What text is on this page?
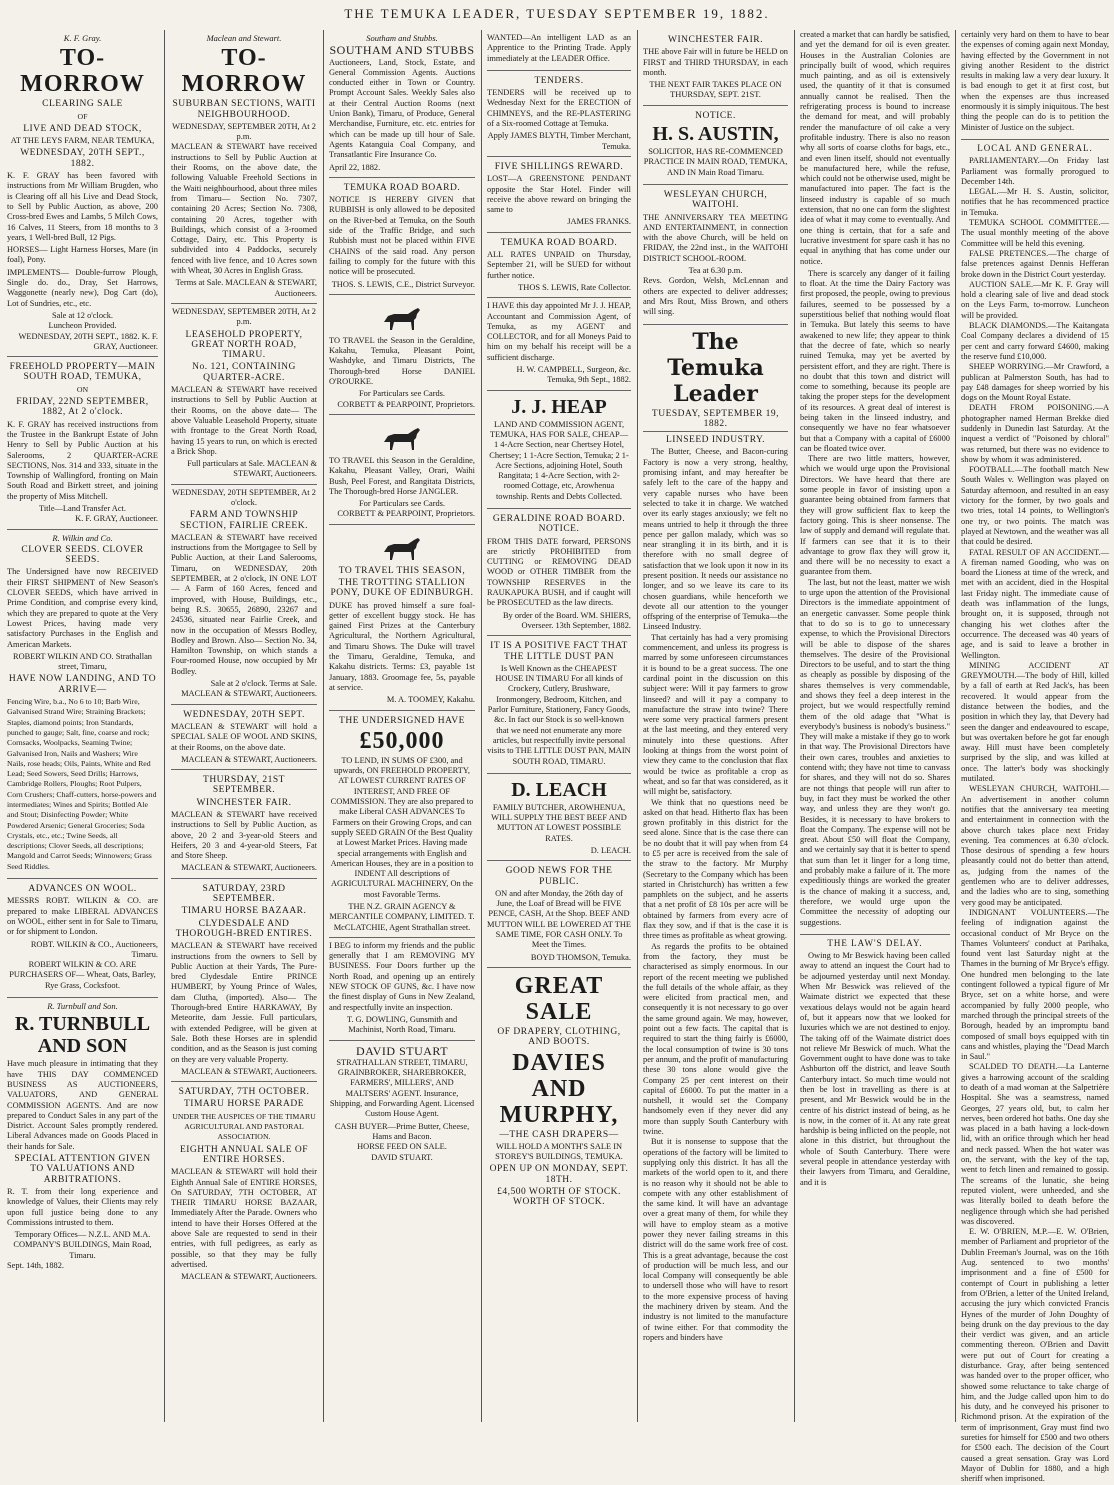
THE TEMUKA LEADER, TUESDAY SEPTEMBER 19, 1882.
K. F. Gray.
TO-MORROW
CLEARING SALE
OF
LIVE AND DEAD STOCK,
AT THE LEYS FARM, NEAR TEMUKA,
WEDNESDAY, 20TH SEPT., 1882.

K. F. GRAY has been favored with instructions from Mr William Brugden, who is Clearing off all his Live and Dead Stock, to Sell by Public Auction, as above, 200 Cross-bred Ewes and Lambs, 5 Milch Cows, 16 Calves, 11 Steers, from 18 months to 3 years, 1 Well-bred Bull, 12 Pigs.

HORSES— Light Harness Horses, Mare (in foal), Pony.

IMPLEMENTS— Double-furrow Plough, Single do. do., Dray, Set Harrows, Waggonette (nearly new), Dog Cart (do), Lot of Sundries, etc., etc.

Sale at 12 o'clock.
Luncheon Provided.
WEDNESDAY, 20TH SEPT., 1882. K. F. GRAY, Auctioneer.
FREEHOLD PROPERTY—MAIN SOUTH ROAD, TEMUKA,
ON
FRIDAY, 22ND SEPTEMBER, 1882, At 2 o'clock.

K. F. GRAY has received instructions from the Trustee in the Bankrupt Estate of John Henry to Sell by Public Auction at his Salerooms, 2 QUARTER-ACRE SECTIONS, Nos. 314 and 333, situate in the Township of Wallingford, fronting on Main South Road and Birkett street, and joining the property of Miss Mitchell.

Title—Land Transfer Act.
K. F. GRAY, Auctioneer.
R. Wilkin and Co.
CLOVER SEEDS. CLOVER SEEDS.

The Undersigned have now RECEIVED their FIRST SHIPMENT of New Season's CLOVER SEEDS, which have arrived in Prime Condition, and comprise every kind, which they are prepared to quote at the Very Lowest Prices, having made very satisfactory Purchases in the English and American Markets.

ROBERT WILKIN AND CO. Strathallan street, Timaru,
HAVE NOW LANDING, AND TO ARRIVE—

Fencing Wire, b.a., No 6 to 10; Barb Wire, Galvanised Strand Wire; Straining Brackets; Staples, diamond points; Iron Standards, punched to gauge; Salt, fine, coarse and rock; Cornsacks, Woolpacks, Seaming Twine; Galvanised Iron, Nails and Washers; Wire Nails, rose heads; Oils, Paints, White and Red Lead; Seed Sowers, Seed Drills; Harrows, Cambridge Rollers, Ploughs; Root Pulpers, Corn Crushers; Chaff-cutters, horse-powers and intermediates; Wines and Spirits; Bottled Ale and Stout; Disinfecting Powder; White Powdered Arsenic; General Groceries; Soda Crystals, etc., etc.; Twine Seeds, all descriptions; Clover Seeds, all descriptions; Mangold and Carrot Seeds; Winnowers; Grass Seed Riddles.

ADVANCES ON WOOL.

MESSRS ROBT. WILKIN & CO. are prepared to make LIBERAL ADVANCES on WOOL, either sent in for Sale to Timaru, or for shipment to London.

ROBT. WILKIN & CO., Auctioneers, Timaru.

ROBERT WILKIN & CO. ARE PURCHASERS OF— Wheat, Oats, Barley, Rye Grass, Cocksfoot.

R. Turnbull and Son.
R. TURNBULL AND SON

Have much pleasure in intimating that they have THIS DAY COMMENCED BUSINESS AS AUCTIONEERS, VALUATORS, AND GENERAL COMMISSION AGENTS. And are now prepared to Conduct Sales in any part of the District. Account Sales promptly rendered. Liberal Advances made on Goods Placed in their hands for Sale.

SPECIAL ATTENTION GIVEN TO VALUATIONS AND ARBITRATIONS.

R. T. from their long experience and knowledge of Values, their Clients may rely upon full justice being done to any Commissions intrusted to them.

Temporary Offices— N.Z.L. AND M.A. COMPANY'S BUILDINGS, Main Road, Timaru.
Sept. 14th, 1882.
Maclean and Stewart.
TO-MORROW
SUBURBAN SECTIONS, WAITI NEIGHBOURHOOD.
WEDNESDAY, SEPTEMBER 20TH, At 2 p.m.

MACLEAN & STEWART have received instructions to Sell by Public Auction at their Rooms, on the above date, the following Valuable Freehold Sections in the Waiti neighbourhood, about three miles from Timaru— Section No. 7307, containing 20 Acres; Section No. 7308, containing 20 Acres, together with Buildings, which consist of a 3-roomed Cottage, Dairy, etc. This Property is subdivided into 4 Paddocks, securely fenced with live fence, and 10 Acres sown with Wheat, 30 Acres in English Grass.

Terms at Sale. MACLEAN & STEWART, Auctioneers.
WEDNESDAY, SEPTEMBER 20TH, At 2 p.m.
LEASEHOLD PROPERTY, GREAT NORTH ROAD, TIMARU.
No. 121, CONTAINING QUARTER-ACRE.

MACLEAN & STEWART have received instructions to Sell by Public Auction at their Rooms, on the above date— The above Valuable Leasehold Property, situate with frontage to the Great North Road, having 15 years to run, on which is erected a Brick Shop.

Full particulars at Sale. MACLEAN & STEWART, Auctioneers.
WEDNESDAY, 20TH SEPTEMBER, At 2 o'clock.
FARM AND TOWNSHIP SECTION, FAIRLIE CREEK.

MACLEAN & STEWART have received instructions from the Mortgagee to Sell by Public Auction, at their Land Salerooms, Timaru, on WEDNESDAY, 20th SEPTEMBER, at 2 o'clock, IN ONE LOT— A Farm of 160 Acres, fenced and improved, with House, Buildings, etc., being R.S. 30655, 26890, 23267 and 24536, situated near Fairlie Creek, and now in the occupation of Messrs Bodley, Bodley and Brown. Also— Section No. 34, Hamilton Township, on which stands a Four-roomed House, now occupied by Mr Bodley.

Sale at 2 o'clock. Terms at Sale. MACLEAN & STEWART, Auctioneers.
WEDNESDAY, 20TH SEPT.

MACLEAN & STEWART will hold a SPECIAL SALE OF WOOL AND SKINS, at their Rooms, on the above date.

MACLEAN & STEWART, Auctioneers.
THURSDAY, 21ST SEPTEMBER.
WINCHESTER FAIR.

MACLEAN & STEWART have received instructions to Sell by Public Auction, as above, 20 2 and 3-year-old Steers and Heifers, 20 3 and 4-year-old Steers, Fat and Store Sheep.

MACLEAN & STEWART, Auctioneers.
SATURDAY, 23RD SEPTEMBER.
TIMARU HORSE BAZAAR.
CLYDESDALE AND THOROUGH-BRED ENTIRES.

MACLEAN & STEWART have received instructions from the owners to Sell by Public Auction at their Yards, The Pure-bred Clydesdale Entire PRINCE HUMBERT, by Young Prince of Wales, dam Clutha, (imported). Also— The Thorough-bred Entire HARKAWAY, By Meteorite, dam Jessie. Full particulars, with extended Pedigree, will be given at Sale. Both these Horses are in splendid condition, and as the Season is just coming on they are very valuable Property.

MACLEAN & STEWART, Auctioneers.
SATURDAY, 7TH OCTOBER.
TIMARU HORSE PARADE
UNDER THE AUSPICES OF THE TIMARU AGRICULTURAL AND PASTORAL ASSOCIATION.
EIGHTH ANNUAL SALE OF ENTIRE HORSES.

MACLEAN & STEWART will hold their Eighth Annual Sale of ENTIRE HORSES, On SATURDAY, 7TH OCTOBER, AT THEIR TIMARU HORSE BAZAAR, Immediately After the Parade. Owners who intend to have their Horses Offered at the above Sale are requested to send in their entries, with full pedigrees, as early as possible, so that they may be fully advertised.

MACLEAN & STEWART, Auctioneers.
Southam and Stubbs.
SOUTHAM AND STUBBS

Auctioneers, Land, Stock, Estate, and General Commission Agents. Auctions conducted either in Town or Country. Prompt Account Sales. Weekly Sales also at their Central Auction Rooms (next Union Bank), Timaru, of Produce, General Merchandise, Furniture, etc. etc. entries for which can be made up till hour of Sale. Agents Katanguia Coal Company, and Transatlantic Fire Insurance Co.

April 22, 1882.
TEMUKA ROAD BOARD.

NOTICE IS HEREBY GIVEN that RUBBISH is only allowed to be deposited on the River-bed at Temuka, on the South side of the Traffic Bridge, and such Rubbish must not be placed within FIVE CHAINS of the said road. Any person failing to comply for the future with this notice will be prosecuted.

THOS. S. LEWIS, C.E., District Surveyor.

TO TRAVEL the Season in the Geraldine, Kakahu, Temuka, Pleasant Point, Washdyke, and Timaru Districts, The Thorough-bred Horse DANIEL O'ROURKE.

For Particulars see Cards.
CORBETT & PEARPOINT, Proprietors.

TO TRAVEL this Season in the Geraldine, Kakahu, Pleasant Valley, Orari, Waihi Bush, Peel Forest, and Rangitata Districts, The Thorough-bred Horse JANGLER.

For Particulars see Cards.
CORBETT & PEARPOINT, Proprietors.
TO TRAVEL THIS SEASON,
THE TROTTING STALLION PONY, DUKE OF EDINBURGH.

DUKE has proved himself a sure foal-getter of excellent buggy stock. He has gained First Prizes at the Canterbury Agricultural, the Northern Agricultural, and Timaru Shows. The Duke will travel the Timaru, Geraldine, Temuka, and Kakahu districts. Terms: £3, payable 1st January, 1883. Groomage fee, 5s, payable at service.

M. A. TOOMEY, Kakahu.
THE UNDERSIGNED HAVE
£50,000

TO LEND, IN SUMS OF £300, and upwards, ON FREEHOLD PROPERTY, AT LOWEST CURRENT RATES OF INTEREST, AND FREE OF COMMISSION. They are also prepared to make Liberal CASH ADVANCES To Farmers on their Growing Crops, and can supply SEED GRAIN Of the Best Quality at Lowest Market Prices. Having made special arrangements with English and American Houses, they are in a position to INDENT All descriptions of AGRICULTURAL MACHINERY, On the most Favorable Terms.

THE N.Z. GRAIN AGENCY & MERCANTILE COMPANY, LIMITED. T. McCLATCHIE, Agent Strathallan street.

I BEG to inform my friends and the public generally that I am REMOVING MY BUSINESS. Four Doors further up the North Road, and opening up an entirely NEW STOCK OF GUNS, &c. I have now the finest display of Guns in New Zealand, and respectfully invite an inspection.

T. G. DOWLING, Gunsmith and Machinist, North Road, Timaru.
DAVID STUART

STRATHALLAN STREET, TIMARU, GRAINBROKER, SHAREBROKER, FARMERS', MILLERS', AND MALTSERS' AGENT. Insurance, Shipping, and Forwarding Agent. Licensed Custom House Agent.

CASH BUYER—Prime Butter, Cheese, Hams and Bacon.
HORSE FEED ON SALE.
DAVID STUART.

WANTED—An intelligent LAD as an Apprentice to the Printing Trade. Apply immediately at the LEADER Office.

TENDERS.

TENDERS will be received up to Wednesday Next for the ERECTION of CHIMNEYS, and the RE-PLASTERING of a Six-roomed Cottage at Temuka.

Apply JAMES BLYTH, Timber Merchant, Temuka.
FIVE SHILLINGS REWARD.

LOST—A GREENSTONE PENDANT opposite the Star Hotel. Finder will receive the above reward on bringing the same to

JAMES FRANKS.
TEMUKA ROAD BOARD.

ALL RATES UNPAID on Thursday, September 21, will be SUED for without further notice.

THOS S. LEWIS, Rate Collector.

I HAVE this day appointed Mr J. J. HEAP, Accountant and Commission Agent, of Temuka, as my AGENT and COLLECTOR, and for all Moneys Paid to him on my behalf his receipt will be a sufficient discharge.

H. W. CAMPBELL, Surgeon, &c. Temuka, 9th Sept., 1882.
J. J. HEAP

LAND AND COMMISSION AGENT, TEMUKA, HAS FOR SALE, CHEAP— 1 4-Acre Section, near Chertsey Hotel, Chertsey; 1 1-Acre Section, Temuka; 2 1-Acre Sections, adjoining Hotel, South Rangitata; 1 4-Acre Section, with 2-roomed Cottage, etc, Arowhenua township. Rents and Debts Collected.

GERALDINE ROAD BOARD. NOTICE.

FROM THIS DATE forward, PERSONS are strictly PROHIBITED from CUTTING or REMOVING DEAD WOOD or OTHER TIMBER from the TOWNSHIP RESERVES in the RAUKAPUKA BUSH, and if caught will be PROSECUTED as the law directs.

By order of the Board. WM. SHIERS, Overseer. 13th September, 1882.
IT IS A POSITIVE FACT THAT THE LITTLE DUST PAN

Is Well Known as the CHEAPEST HOUSE IN TIMARU For all kinds of Crockery, Cutlery, Brushware, Ironmongery, Bedroom, Kitchen, and Parlor Furniture, Stationery, Fancy Goods, &c. In fact our Stock is so well-known that we need not enumerate any more articles, but respectfully invite personal visits to THE LITTLE DUST PAN, MAIN SOUTH ROAD, TIMARU.

D. LEACH

FAMILY BUTCHER, AROWHENUA, WILL SUPPLY THE BEST BEEF AND MUTTON AT LOWEST POSSIBLE RATES.

D. LEACH.
GOOD NEWS FOR THE PUBLIC.

ON and after Monday, the 26th day of June, the Loaf of Bread will be FIVE PENCE, CASH, At the Shop. BEEF AND MUTTON WILL BE LOWERED AT THE SAME TIME, FOR CASH ONLY. To Meet the Times.

BOYD THOMSON, Temuka.
GREAT SALE
OF DRAPERY, CLOTHING, AND BOOTS.
DAVIES AND MURPHY,
—THE CASH DRAPERS—

WILL HOLD A MONTH'S SALE IN STOREY'S BUILDINGS, TEMUKA.

OPEN UP ON MONDAY, SEPT. 18TH.
£4,500 WORTH OF STOCK. WORTH OF STOCK.
WINCHESTER FAIR.

THE above Fair will in future be HELD on FIRST and THIRD THURSDAY, in each month.

THE NEXT FAIR TAKES PLACE ON THURSDAY, SEPT. 21ST.
NOTICE.
H. S. AUSTIN,

SOLICITOR, HAS RE-COMMENCED PRACTICE IN MAIN ROAD, TEMUKA, AND IN Main Road Timaru.

WESLEYAN CHURCH, WAITOHI.

THE ANNIVERSARY TEA MEETING AND ENTERTAINMENT, in connection with the above Church, will be held on FRIDAY, the 22nd inst., in the WAITOHI DISTRICT SCHOOL-ROOM.

Tea at 6.30 p.m.

Revs. Gordon, Welsh, McLennan and others are expected to deliver addresses; and Mrs Rout, Miss Brown, and others will sing.

The Temuka Leader
TUESDAY, SEPTEMBER 19, 1882.
LINSEED INDUSTRY.

The Butter, Cheese, and Bacon-curing Factory is now a very strong, healthy, promising infant, and may hereafter be safely left to the care of the happy and very capable nurses who have been selected to take it in charge. We watched over its early stages anxiously; we felt no means untried to help it through the three pence per gallon malady, which was so near strangling it in its birth, and it is therefore with no small degree of satisfaction that we look upon it now in its present position. It needs our assistance no longer, and so we leave its care to its chosen guardians, while henceforth we devote all our attention to the younger offspring of the enterprise of Temuka—the Linseed Industry.

That certainly has had a very promising commencement, and unless its progress is marred by some unforeseen circumstances it is bound to be a great success. The one cardinal point in the discussion on this subject were: Will it pay farmers to grow linseed? and will it pay a company to manufacture the straw into twine? There were some very practical farmers present at the last meeting, and they entered very minutely into these questions. After looking at things from the worst point of view they came to the conclusion that flax would be twice as profitable a crop as wheat, and so far that was considered, as it will might be, satisfactory.

We think that no questions need be asked on that head. Hitherto flax has been grown profitably in this district for the seed alone. Since that is the case there can be no doubt that it will pay when from £4 to £5 per acre is received from the sale of the straw to the factory. Mr Murphy (Secretary to the Company which has been started in Christchurch) has written a few pamphlets on the subject, and he asserts that a net profit of £8 10s per acre will be obtained by farmers from every acre of flax they sow, and if that is the case it is three times as profitable as wheat growing.

As regards the profits to be obtained from the factory, they must be characterised as simply enormous. In our report of the recent meeting we published the full details of the whole affair, as they were elicited from practical men, and consequently it is not necessary to go over the same ground again. We may, however, point out a few facts. The capital that is required to start the thing fairly is £6000, the local consumption of twine is 30 tons per annum, and the profit of manufacturing these 30 tons alone would give the Company 25 per cent interest on their capital of £6000. To put the matter in a nutshell, it would set the Company handsomely even if they never did any more than supply South Canterbury with twine.

But it is nonsense to suppose that the operations of the factory will be limited to supplying only this district. It has all the markets of the world open to it, and there is no reason why it should not be able to compete with any other establishment of the same kind. It will have an advantage over a great many of them, for while they will have to employ steam as a motive power they never failing streams in this district will do the same work free of cost. This is a great advantage, because the cost of production will be much less, and our local Company will consequently be able to undersell those who will have to resort to the more expensive process of having the machinery driven by steam. And the industry is not limited to the manufacture of twine either. For that commodity the ropers and binders have

created a market that can hardly be satisfied, and yet the demand for oil is even greater. Houses in the Australian Colonies are principally built of wood, which requires much painting, and as oil is extensively used, the quantity of it that is consumed annually cannot be realised. Then the refrigerating process is bound to increase the demand for meat, and will probably render the manufacture of oil cake a very profitable industry. There is also no reason why all sorts of coarse cloths for bags, etc., and even linen itself, should not eventually be manufactured here, while the refuse, which could not be otherwise used, might be manufactured into paper. The fact is the linseed industry is capable of so much extension, that no one can form the slightest idea of what it may come to eventually. And one thing is certain, that for a safe and lucrative investment for spare cash it has no equal in anything that has come under our notice.

There is scarcely any danger of it failing to float. At the time the Dairy Factory was first proposed, the people, owing to previous failures, seemed to be possessed by a superstitious belief that nothing would float in Temuka. But lately this seems to have awakened to new life; they appear to think that the decree of fate, which so nearly ruined Temuka, may yet be averted by persistent effort, and they are right. There is no doubt that this town and district will come to something, because its people are taking the proper steps for the development of its resources. A great deal of interest is being taken in the linseed industry, and consequently we have no fear whatsoever but that a Company with a capital of £6000 can be floated twice over.

There are two little matters, however, which we would urge upon the Provisional Directors. We have heard that there are some people in favor of insisting upon a guarantee being obtained from farmers that they will grow sufficient flax to keep the factory going. This is sheer nonsense. The law of supply and demand will regulate that. If farmers can see that it is to their advantage to grow flax they will grow it, and there will be no necessity to exact a guarantee from them.

The last, but not the least, matter we wish to urge upon the attention of the Provisional Directors is the immediate appointment of an energetic canvasser. Some people think that to do so is to go to unnecessary expense, to which the Provisional Directors will be able to dispose of the shares themselves. The desire of the Provisional Directors to be useful, and to start the thing as cheaply as possible by disposing of the shares themselves is very commendable, and shows they feel a deep interest in the project, but we would respectfully remind them of the old adage that "What is everybody's business is nobody's business." They will make a mistake if they go to work in that way. The Provisional Directors have their own cares, troubles and anxieties to contend with; they have not time to canvass for shares, and they will not do so. Shares are not things that people will run after to buy, in fact they must be worked the other way, and unless they are they won't go. Besides, it is necessary to have brokers to float the Company. The expense will not be great. About £50 will float the Company, and we certainly say that it is better to spend that sum than let it linger for a long time, and probably make a failure of it. The more expeditiously things are worked the greater is the chance of making it a success, and, therefore, we would urge upon the Committee the necessity of adopting our suggestions.

THE LAW'S DELAY.

Owing to Mr Beswick having been called away to attend an inquest the Court had to be adjourned yesterday until next Monday. When Mr Beswick was relieved of the Waimate district we expected that these vexatious delays would not be again heard of, but it appears now that we looked for luxuries which we are not destined to enjoy. The taking off of the Waimate district does not relieve Mr Beswick of much. What the Government ought to have done was to take Ashburton off the district, and leave South Canterbury intact. So much time would not then be lost in travelling as there is at present, and Mr Beswick would be in the centre of his district instead of being, as he is now, in the corner of it. At any rate great hardship is being inflicted on the people, not alone in this district, but throughout the whole of South Canterbury. There were several people in attendance yesterday with their lawyers from Timaru, and Geraldine, and it is

certainly very hard on them to have to bear the expenses of coming again next Monday, having effected by the Government in not giving another Resident to the district results in making law a very dear luxury. It is bad enough to get it at first cost, but when the expenses are thus increased enormously it is simply iniquitous. The best thing the people can do is to petition the Minister of Justice on the subject.

LOCAL AND GENERAL.

PARLIAMENTARY.—On Friday last Parliament was formally prorogued to December 14th.

LEGAL.—Mr H. S. Austin, solicitor, notifies that he has recommenced practice in Temuka.

TEMUKA SCHOOL COMMITTEE.—The usual monthly meeting of the above Committee will be held this evening.

FALSE PRETENCES.—The charge of false pretences against Dennis Hefferan broke down in the District Court yesterday.

AUCTION SALE.—Mr K. F. Gray will hold a clearing sale of live and dead stock on the Leys Farm, to-morrow. Luncheon will be provided.

BLACK DIAMONDS.—The Kaitangata Coal Company declares a dividend of 15 per cent and carry forward £4600, making the reserve fund £10,000.

SHEEP WORRYING.—Mr Crawford, a publican at Palmerston South, has had to pay £48 damages for sheep worried by his dogs on the Mount Royal Estate.

DEATH FROM POISONING.—A photographer named Herman Brekke died suddenly in Dunedin last Saturday. At the inquest a verdict of "Poisoned by chloral" was returned, but there was no evidence to show by whom it was administered.

FOOTBALL.—The football match New South Wales v. Wellington was played on Saturday afternoon, and resulted in an easy victory for the former, by two goals and two tries, total 14 points, to Wellington's one try, or two points. The match was played at Newtown, and the weather was all that could be desired.

FATAL RESULT OF AN ACCIDENT.—A fireman named Gooding, who was on board the Lioness at time of the wreck, and met with an accident, died in the Hospital last Friday night. The immediate cause of death was inflammation of the lungs, brought on, it is supposed, through not changing his wet clothes after the occurrence. The deceased was 40 years of age, and is said to leave a brother in Wellington.

MINING ACCIDENT AT GREYMOUTH.—The body of Hill, killed by a fall of earth at Red Jack's, has been recovered. It would appear from the distance between the bodies, and the position in which they lay, that Devery had seen the danger and endeavoured to escape, but was overtaken before he got far enough away. Hill must have been completely surprised by the slip, and was killed at once. The latter's body was shockingly mutilated.

WESLEYAN CHURCH, WAITOHI.—An advertisement in another column notifies that the anniversary tea meeting and entertainment in connection with the above church takes place next Friday evening. Tea commences at 6.30 o'clock. Those desirous of spending a few hours pleasantly could not do better than attend, as, judging from the names of the gentlemen who are to deliver addresses, and the ladies who are to sing, something very good may be anticipated.

INDIGNANT VOLUNTEERS.—The feeling of indignation against the occasional conduct of Mr Bryce on the Thames Volunteers' conduct at Parihaka, found vent last Saturday night at the Thames in the burning of Mr Bryce's effigy. One hundred men belonging to the late contingent followed a typical figure of Mr Bryce, set on a white horse, and were accompanied by fully 2000 people, who marched through the principal streets of the Borough, headed by an impromptu band composed of small boys equipped with tin cans and whistles, playing the "Dead March in Saul."

SCALDED TO DEATH.—La Lanterne gives a harrowing account of the scalding to death of a mad woman at the Salpetrière Hospital. She was a seamstress, named Georges, 27 years old, but, to calm her nerves, been ordered hot baths. One day she was placed in a bath having a lock-down lid, with an orifice through which her head and neck passed. When the hot water was on, the servant, with the key of the tap, went to fetch linen and remained to gossip. The screams of the lunatic, she being reputed violent, were unheeded, and she was literally boiled to death before the negligence through which she had perished was discovered.

E. W. O'BRIEN, M.P.—E. W. O'Brien, member of Parliament and proprietor of the Dublin Freeman's Journal, was on the 16th Aug. sentenced to two months' imprisonment and a fine of £500 for contempt of Court in publishing a letter from O'Brien, a letter of the United Ireland, accusing the jury which convicted Francis Hynes of the murder of John Doughty of being drunk on the day previous to the day their verdict was given, and an article commenting thereon. O'Brien and Davitt were put out of Court for creating a disturbance. Gray, after being sentenced was handed over to the proper officer, who showed some reluctance to take charge of him, and the Judge called upon him to do his duty, and he conveyed his prisoner to Richmond prison. At the expiration of the term of imprisonment, Gray must find two sureties for himself for £500 and two others for £500 each. The decision of the Court caused a great sensation. Gray was Lord Mayor of Dublin for 1880, and a high sheriff when imprisoned.
